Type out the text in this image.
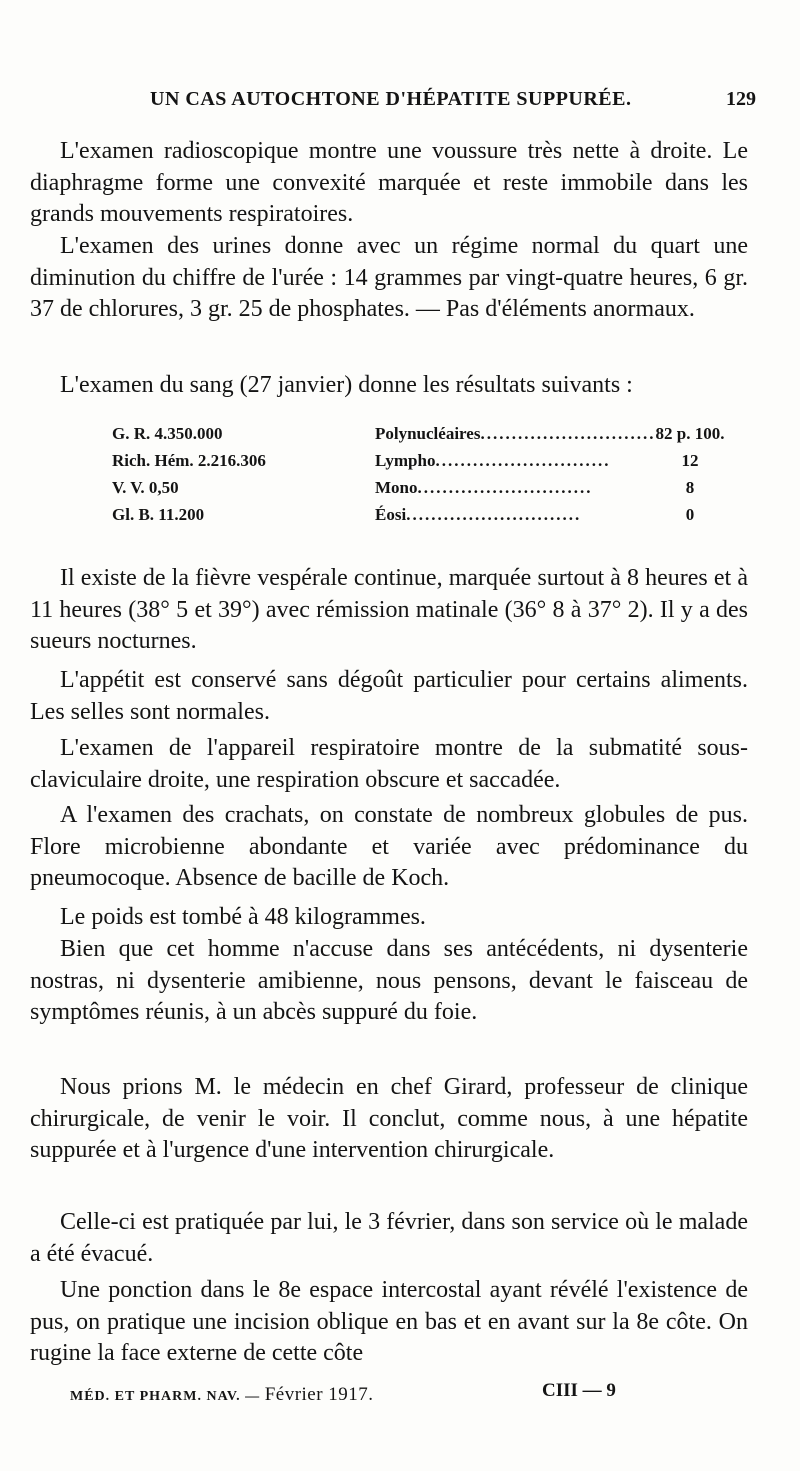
UN CAS AUTOCHTONE D'HÉPATITE SUPPURÉE.	129

L'examen radioscopique montre une voussure très nette à droite. Le diaphragme forme une convexité marquée et reste immobile dans les grands mouvements respiratoires.

L'examen des urines donne avec un régime normal du quart une diminution du chiffre de l'urée : 14 grammes par vingt-quatre heures, 6 gr. 37 de chlorures, 3 gr. 25 de phosphates. — Pas d'éléments anormaux.

L'examen du sang (27 janvier) donne les résultats suivants :

G. R. 4.350.000	Polynucléaires............................ 82 p. 100.
Rich. Hém. 2.216.306	Lympho............................	12
V. V. 0,50	Mono............................	8
Gl. B. 11.200	Éosi............................	0

Il existe de la fièvre vespérale continue, marquée surtout à 8 heures et à 11 heures (38° 5 et 39°) avec rémission matinale (36° 8 à 37° 2). Il y a des sueurs nocturnes.

L'appétit est conservé sans dégoût particulier pour certains aliments. Les selles sont normales.

L'examen de l'appareil respiratoire montre de la submatité sous-claviculaire droite, une respiration obscure et saccadée.

A l'examen des crachats, on constate de nombreux globules de pus. Flore microbienne abondante et variée avec prédominance du pneumocoque. Absence de bacille de Koch.

Le poids est tombé à 48 kilogrammes.

Bien que cet homme n'accuse dans ses antécédents, ni dysenterie nostras, ni dysenterie amibienne, nous pensons, devant le faisceau de symptômes réunis, à un abcès suppuré du foie.

Nous prions M. le médecin en chef Girard, professeur de clinique chirurgicale, de venir le voir. Il conclut, comme nous, à une hépatite suppurée et à l'urgence d'une intervention chirurgicale.

Celle-ci est pratiquée par lui, le 3 février, dans son service où le malade a été évacué.

Une ponction dans le 8e espace intercostal ayant révélé l'existence de pus, on pratique une incision oblique en bas et en avant sur la 8e côte. On rugine la face externe de cette côte

MÉD. ET PHARM. NAV. — Février 1917.	CIII — 9
